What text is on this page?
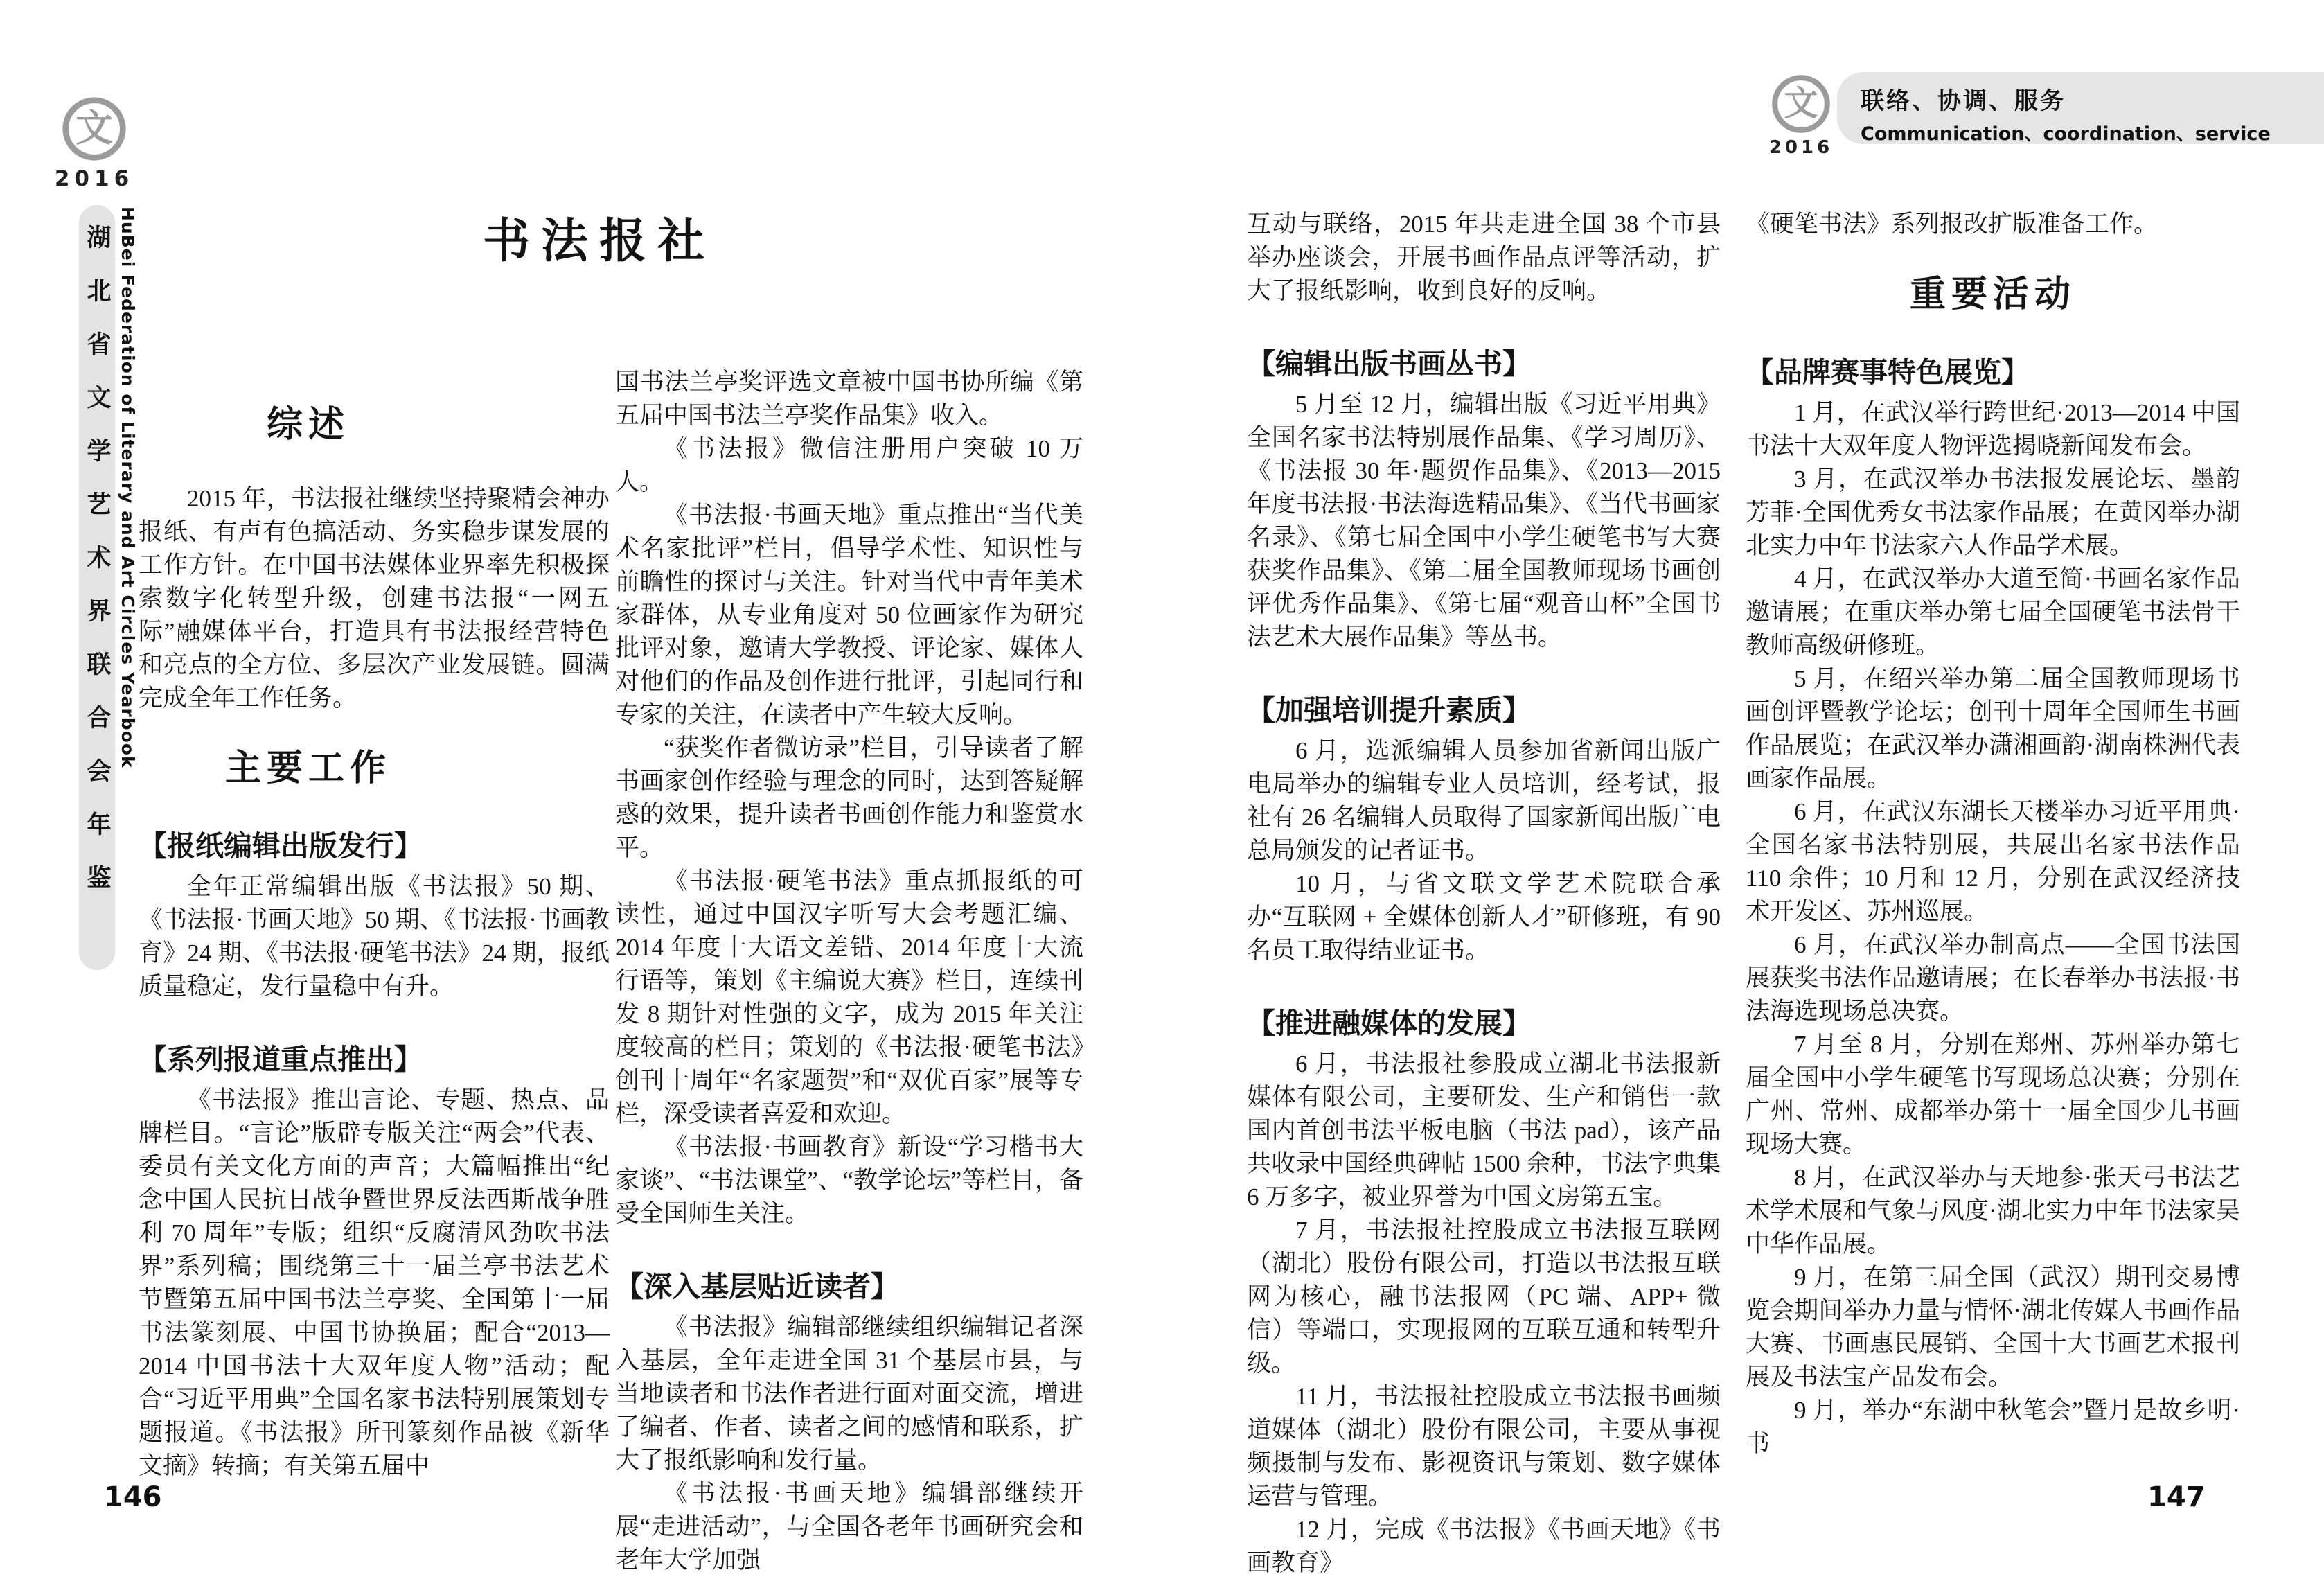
文
2016
湖北省文学艺术界联合会年鉴 HuBei Federation of Literary and Art Circles Yearbook
文
2016
联络、协调、服务
Communication、coordination、service
书法报社
综述
2015 年，书法报社继续坚持聚精会神办报纸、有声有色搞活动、务实稳步谋发展的工作方针。在中国书法媒体业界率先积极探索数字化转型升级，创建书法报“一网五际”融媒体平台，打造具有书法报经营特色和亮点的全方位、多层次产业发展链。圆满完成全年工作任务。
主要工作
【报纸编辑出版发行】
全年正常编辑出版《书法报》50 期、《书法报·书画天地》50 期、《书法报·书画教育》24 期、《书法报·硬笔书法》24 期，报纸质量稳定，发行量稳中有升。
【系列报道重点推出】
《书法报》推出言论、专题、热点、品牌栏目。“言论”版辟专版关注“两会”代表、委员有关文化方面的声音；大篇幅推出“纪念中国人民抗日战争暨世界反法西斯战争胜利 70 周年”专版；组织“反腐清风劲吹书法界”系列稿；围绕第三十一届兰亭书法艺术节暨第五届中国书法兰亭奖、全国第十一届书法篆刻展、中国书协换届；配合“2013—2014 中国书法十大双年度人物”活动；配合“习近平用典”全国名家书法特别展策划专题报道。《书法报》所刊篆刻作品被《新华文摘》转摘；有关第五届中
国书法兰亭奖评选文章被中国书协所编《第五届中国书法兰亭奖作品集》收入。
《书法报》微信注册用户突破 10 万人。
《书法报·书画天地》重点推出“当代美术名家批评”栏目，倡导学术性、知识性与前瞻性的探讨与关注。针对当代中青年美术家群体，从专业角度对 50 位画家作为研究批评对象，邀请大学教授、评论家、媒体人对他们的作品及创作进行批评，引起同行和专家的关注，在读者中产生较大反响。
“获奖作者微访录”栏目，引导读者了解书画家创作经验与理念的同时，达到答疑解惑的效果，提升读者书画创作能力和鉴赏水平。
《书法报·硬笔书法》重点抓报纸的可读性，通过中国汉字听写大会考题汇编、2014 年度十大语文差错、2014 年度十大流行语等，策划《主编说大赛》栏目，连续刊发 8 期针对性强的文字，成为 2015 年关注度较高的栏目；策划的《书法报·硬笔书法》创刊十周年“名家题贺”和“双优百家”展等专栏，深受读者喜爱和欢迎。
《书法报·书画教育》新设“学习楷书大家谈”、“书法课堂”、“教学论坛”等栏目，备受全国师生关注。
【深入基层贴近读者】
《书法报》编辑部继续组织编辑记者深入基层，全年走进全国 31 个基层市县，与当地读者和书法作者进行面对面交流，增进了编者、作者、读者之间的感情和联系，扩大了报纸影响和发行量。
《书法报·书画天地》编辑部继续开展“走进活动”，与全国各老年书画研究会和老年大学加强
互动与联络，2015 年共走进全国 38 个市县举办座谈会，开展书画作品点评等活动，扩大了报纸影响，收到良好的反响。
【编辑出版书画丛书】
5 月至 12 月，编辑出版《习近平用典》全国名家书法特别展作品集、《学习周历》、《书法报 30 年·题贺作品集》、《2013—2015 年度书法报·书法海选精品集》、《当代书画家名录》、《第七届全国中小学生硬笔书写大赛获奖作品集》、《第二届全国教师现场书画创评优秀作品集》、《第七届“观音山杯”全国书法艺术大展作品集》等丛书。
【加强培训提升素质】
6 月，选派编辑人员参加省新闻出版广电局举办的编辑专业人员培训，经考试，报社有 26 名编辑人员取得了国家新闻出版广电总局颁发的记者证书。
10 月，与省文联文学艺术院联合承办“互联网 + 全媒体创新人才”研修班，有 90 名员工取得结业证书。
【推进融媒体的发展】
6 月，书法报社参股成立湖北书法报新媒体有限公司，主要研发、生产和销售一款国内首创书法平板电脑（书法 pad），该产品共收录中国经典碑帖 1500 余种，书法字典集 6 万多字，被业界誉为中国文房第五宝。
7 月，书法报社控股成立书法报互联网（湖北）股份有限公司，打造以书法报互联网为核心，融书法报网（PC 端、APP+ 微信）等端口，实现报网的互联互通和转型升级。
11 月，书法报社控股成立书法报书画频道媒体（湖北）股份有限公司，主要从事视频摄制与发布、影视资讯与策划、数字媒体运营与管理。
12 月，完成《书法报》《书画天地》《书画教育》
《硬笔书法》系列报改扩版准备工作。
重要活动
【品牌赛事特色展览】
1 月，在武汉举行跨世纪·2013—2014 中国书法十大双年度人物评选揭晓新闻发布会。
3 月，在武汉举办书法报发展论坛、墨韵芳菲·全国优秀女书法家作品展；在黄冈举办湖北实力中年书法家六人作品学术展。
4 月，在武汉举办大道至简·书画名家作品邀请展；在重庆举办第七届全国硬笔书法骨干教师高级研修班。
5 月，在绍兴举办第二届全国教师现场书画创评暨教学论坛；创刊十周年全国师生书画作品展览；在武汉举办潇湘画韵·湖南株洲代表画家作品展。
6 月，在武汉东湖长天楼举办习近平用典·全国名家书法特别展，共展出名家书法作品 110 余件；10 月和 12 月，分别在武汉经济技术开发区、苏州巡展。
6 月，在武汉举办制高点——全国书法国展获奖书法作品邀请展；在长春举办书法报·书法海选现场总决赛。
7 月至 8 月，分别在郑州、苏州举办第七届全国中小学生硬笔书写现场总决赛；分别在广州、常州、成都举办第十一届全国少儿书画现场大赛。
8 月，在武汉举办与天地参·张天弓书法艺术学术展和气象与风度·湖北实力中年书法家吴中华作品展。
9 月，在第三届全国（武汉）期刊交易博览会期间举办力量与情怀·湖北传媒人书画作品大赛、书画惠民展销、全国十大书画艺术报刊展及书法宝产品发布会。
9 月，举办“东湖中秋笔会”暨月是故乡明·书
146	147
